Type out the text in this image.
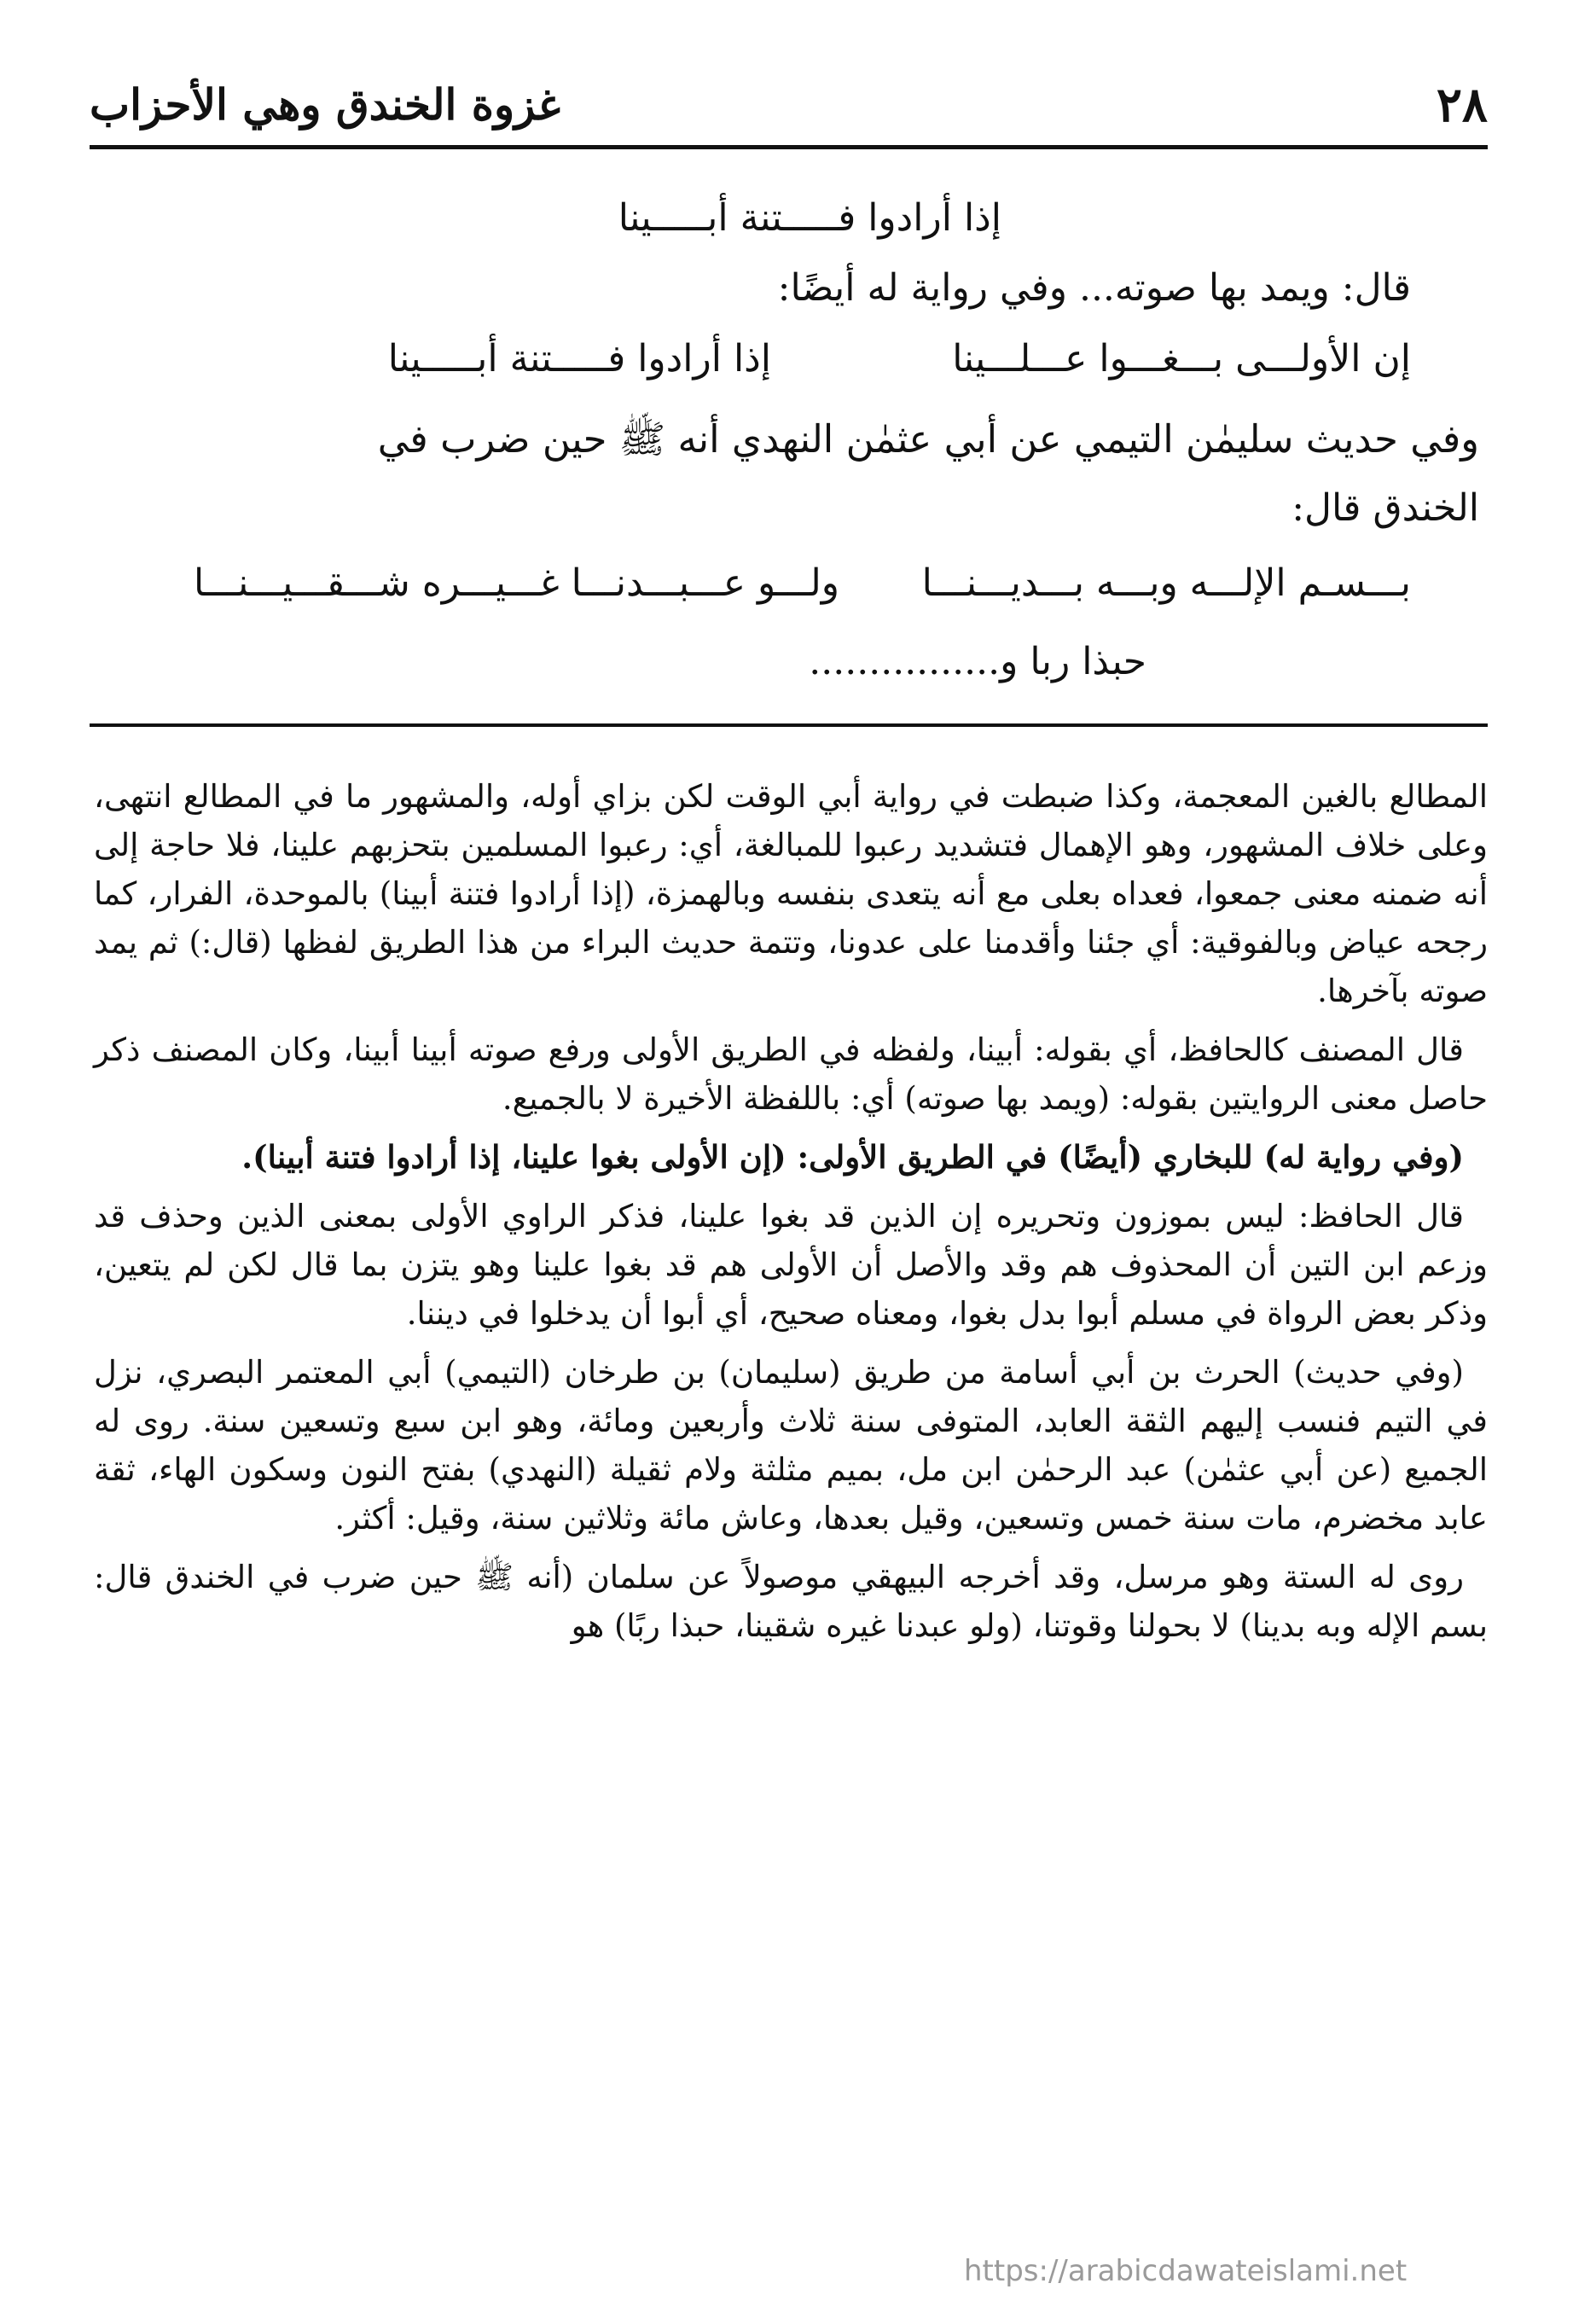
٢٨
غزوة الخندق وهي الأحزاب
إذا أرادوا فـــــتنة أبـــــينا
قال: ويمد بها صوته... وفي رواية له أيضًا:
إن الأولـــى بـــغـــوا عـــلـــينا
إذا أرادوا فـــــتنة أبـــــينا
وفي حديث سليمٰن التيمي عن أبي عثمٰن النهدي أنه ﷺ حين ضرب في
الخندق قال:
بـــسـم الإلـــه وبـــه بـــديـــنـــا
ولـــو عـــبـــدنـــا غـــيـــره شـــقـــيـــنـــا
حبذا ربا و................

المطالع بالغين المعجمة، وكذا ضبطت في رواية أبي الوقت لكن بزاي أوله، والمشهور ما في المطالع انتهى، وعلى خلاف المشهور، وهو الإهمال فتشديد رعبوا للمبالغة، أي: رعبوا المسلمين بتحزبهم علينا، فلا حاجة إلى أنه ضمنه معنى جمعوا، فعداه بعلى مع أنه يتعدى بنفسه وبالهمزة، (إذا أرادوا فتنة أبينا) بالموحدة، الفرار، كما رجحه عياض وبالفوقية: أي جئنا وأقدمنا على عدونا، وتتمة حديث البراء من هذا الطريق لفظها (قال:) ثم يمد صوته بآخرها.

قال المصنف كالحافظ، أي بقوله: أبينا، ولفظه في الطريق الأولى ورفع صوته أبينا أبينا، وكان المصنف ذكر حاصل معنى الروايتين بقوله: (ويمد بها صوته) أي: باللفظة الأخيرة لا بالجميع.

(وفي رواية له) للبخاري (أيضًا) في الطريق الأولى: (إن الأولى بغوا علينا، إذا أرادوا فتنة أبينا).

قال الحافظ: ليس بموزون وتحريره إن الذين قد بغوا علينا، فذكر الراوي الأولى بمعنى الذين وحذف قد وزعم ابن التين أن المحذوف هم وقد والأصل أن الأولى هم قد بغوا علينا وهو يتزن بما قال لكن لم يتعين، وذكر بعض الرواة في مسلم أبوا بدل بغوا، ومعناه صحيح، أي أبوا أن يدخلوا في ديننا.

(وفي حديث) الحرث بن أبي أسامة من طريق (سليمان) بن طرخان (التيمي) أبي المعتمر البصري، نزل في التيم فنسب إليهم الثقة العابد، المتوفى سنة ثلاث وأربعين ومائة، وهو ابن سبع وتسعين سنة. روى له الجميع (عن أبي عثمٰن) عبد الرحمٰن ابن مل، بميم مثلثة ولام ثقيلة (النهدي) بفتح النون وسكون الهاء، ثقة عابد مخضرم، مات سنة خمس وتسعين، وقيل بعدها، وعاش مائة وثلاثين سنة، وقيل: أكثر.

روى له الستة وهو مرسل، وقد أخرجه البيهقي موصولاً عن سلمان (أنه ﷺ حين ضرب في الخندق قال: بسم الإله وبه بدينا) لا بحولنا وقوتنا، (ولو عبدنا غيره شقينا، حبذا ربًا) هو

https://arabicdawateislami.net
